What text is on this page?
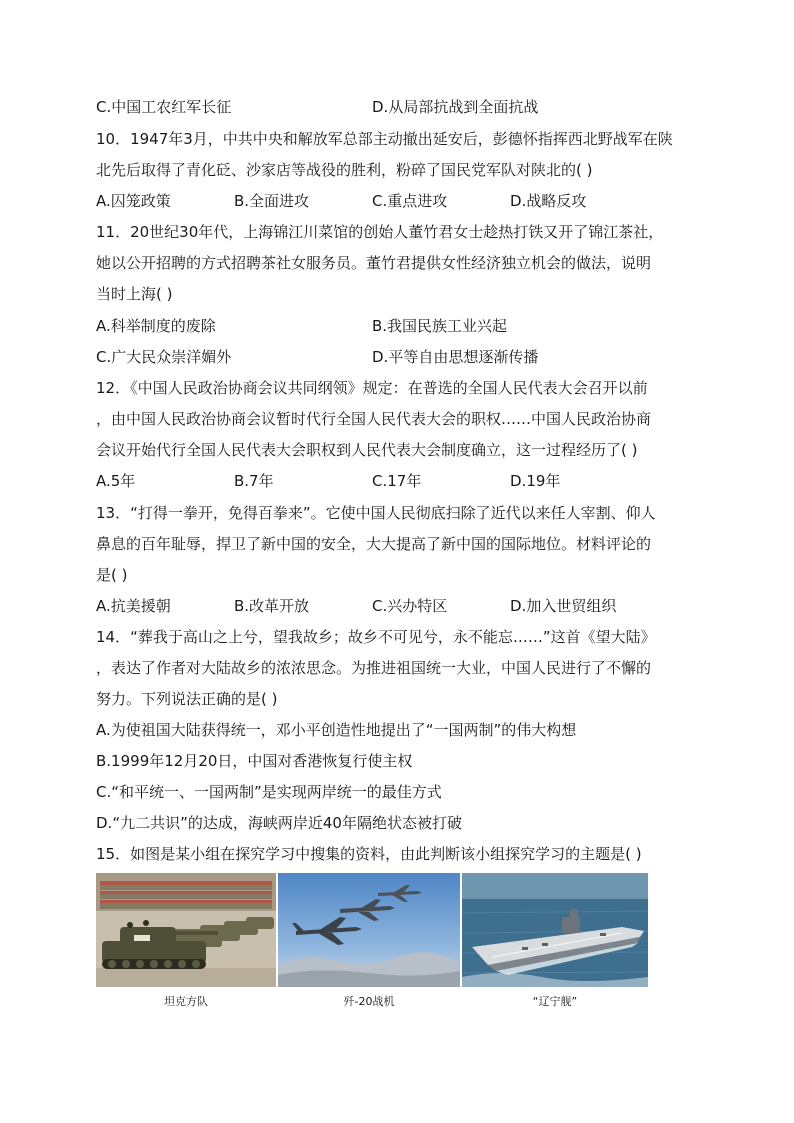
C.中国工农红军长征	D.从局部抗战到全面抗战
10．1947年3月，中共中央和解放军总部主动撤出延安后，彭德怀指挥西北野战军在陕
北先后取得了青化砭、沙家店等战役的胜利，粉碎了国民党军队对陕北的( )
A.囚笼政策	B.全面进攻	C.重点进攻	D.战略反攻
11．20世纪30年代，上海锦江川菜馆的创始人董竹君女士趁热打铁又开了锦江茶社，
她以公开招聘的方式招聘茶社女服务员。董竹君提供女性经济独立机会的做法，说明
当时上海( )
A.科举制度的废除	B.我国民族工业兴起
C.广大民众崇洋媚外	D.平等自由思想逐渐传播
12．《中国人民政治协商会议共同纲领》规定：在普选的全国人民代表大会召开以前
，由中国人民政治协商会议暂时代行全国人民代表大会的职权……中国人民政治协商
会议开始代行全国人民代表大会职权到人民代表大会制度确立，这一过程经历了( )
A.5年	B.7年	C.17年	D.19年
13．“打得一拳开，免得百拳来”。它使中国人民彻底扫除了近代以来任人宰割、仰人
鼻息的百年耻辱，捍卫了新中国的安全，大大提高了新中国的国际地位。材料评论的
是( )
A.抗美援朝	B.改革开放	C.兴办特区	D.加入世贸组织
14．“葬我于高山之上兮，望我故乡；故乡不可见兮，永不能忘……”这首《望大陆》
，表达了作者对大陆故乡的浓浓思念。为推进祖国统一大业，中国人民进行了不懈的
努力。下列说法正确的是( )
A.为使祖国大陆获得统一，邓小平创造性地提出了“一国两制”的伟大构想
B.1999年12月20日，中国对香港恢复行使主权
C.“和平统一、一国两制”是实现两岸统一的最佳方式
D.“九二共识”的达成，海峡两岸近40年隔绝状态被打破
15．如图是某小组在探究学习中搜集的资料，由此判断该小组探究学习的主题是( )
坦克方队	歼-20战机	“辽宁舰”
